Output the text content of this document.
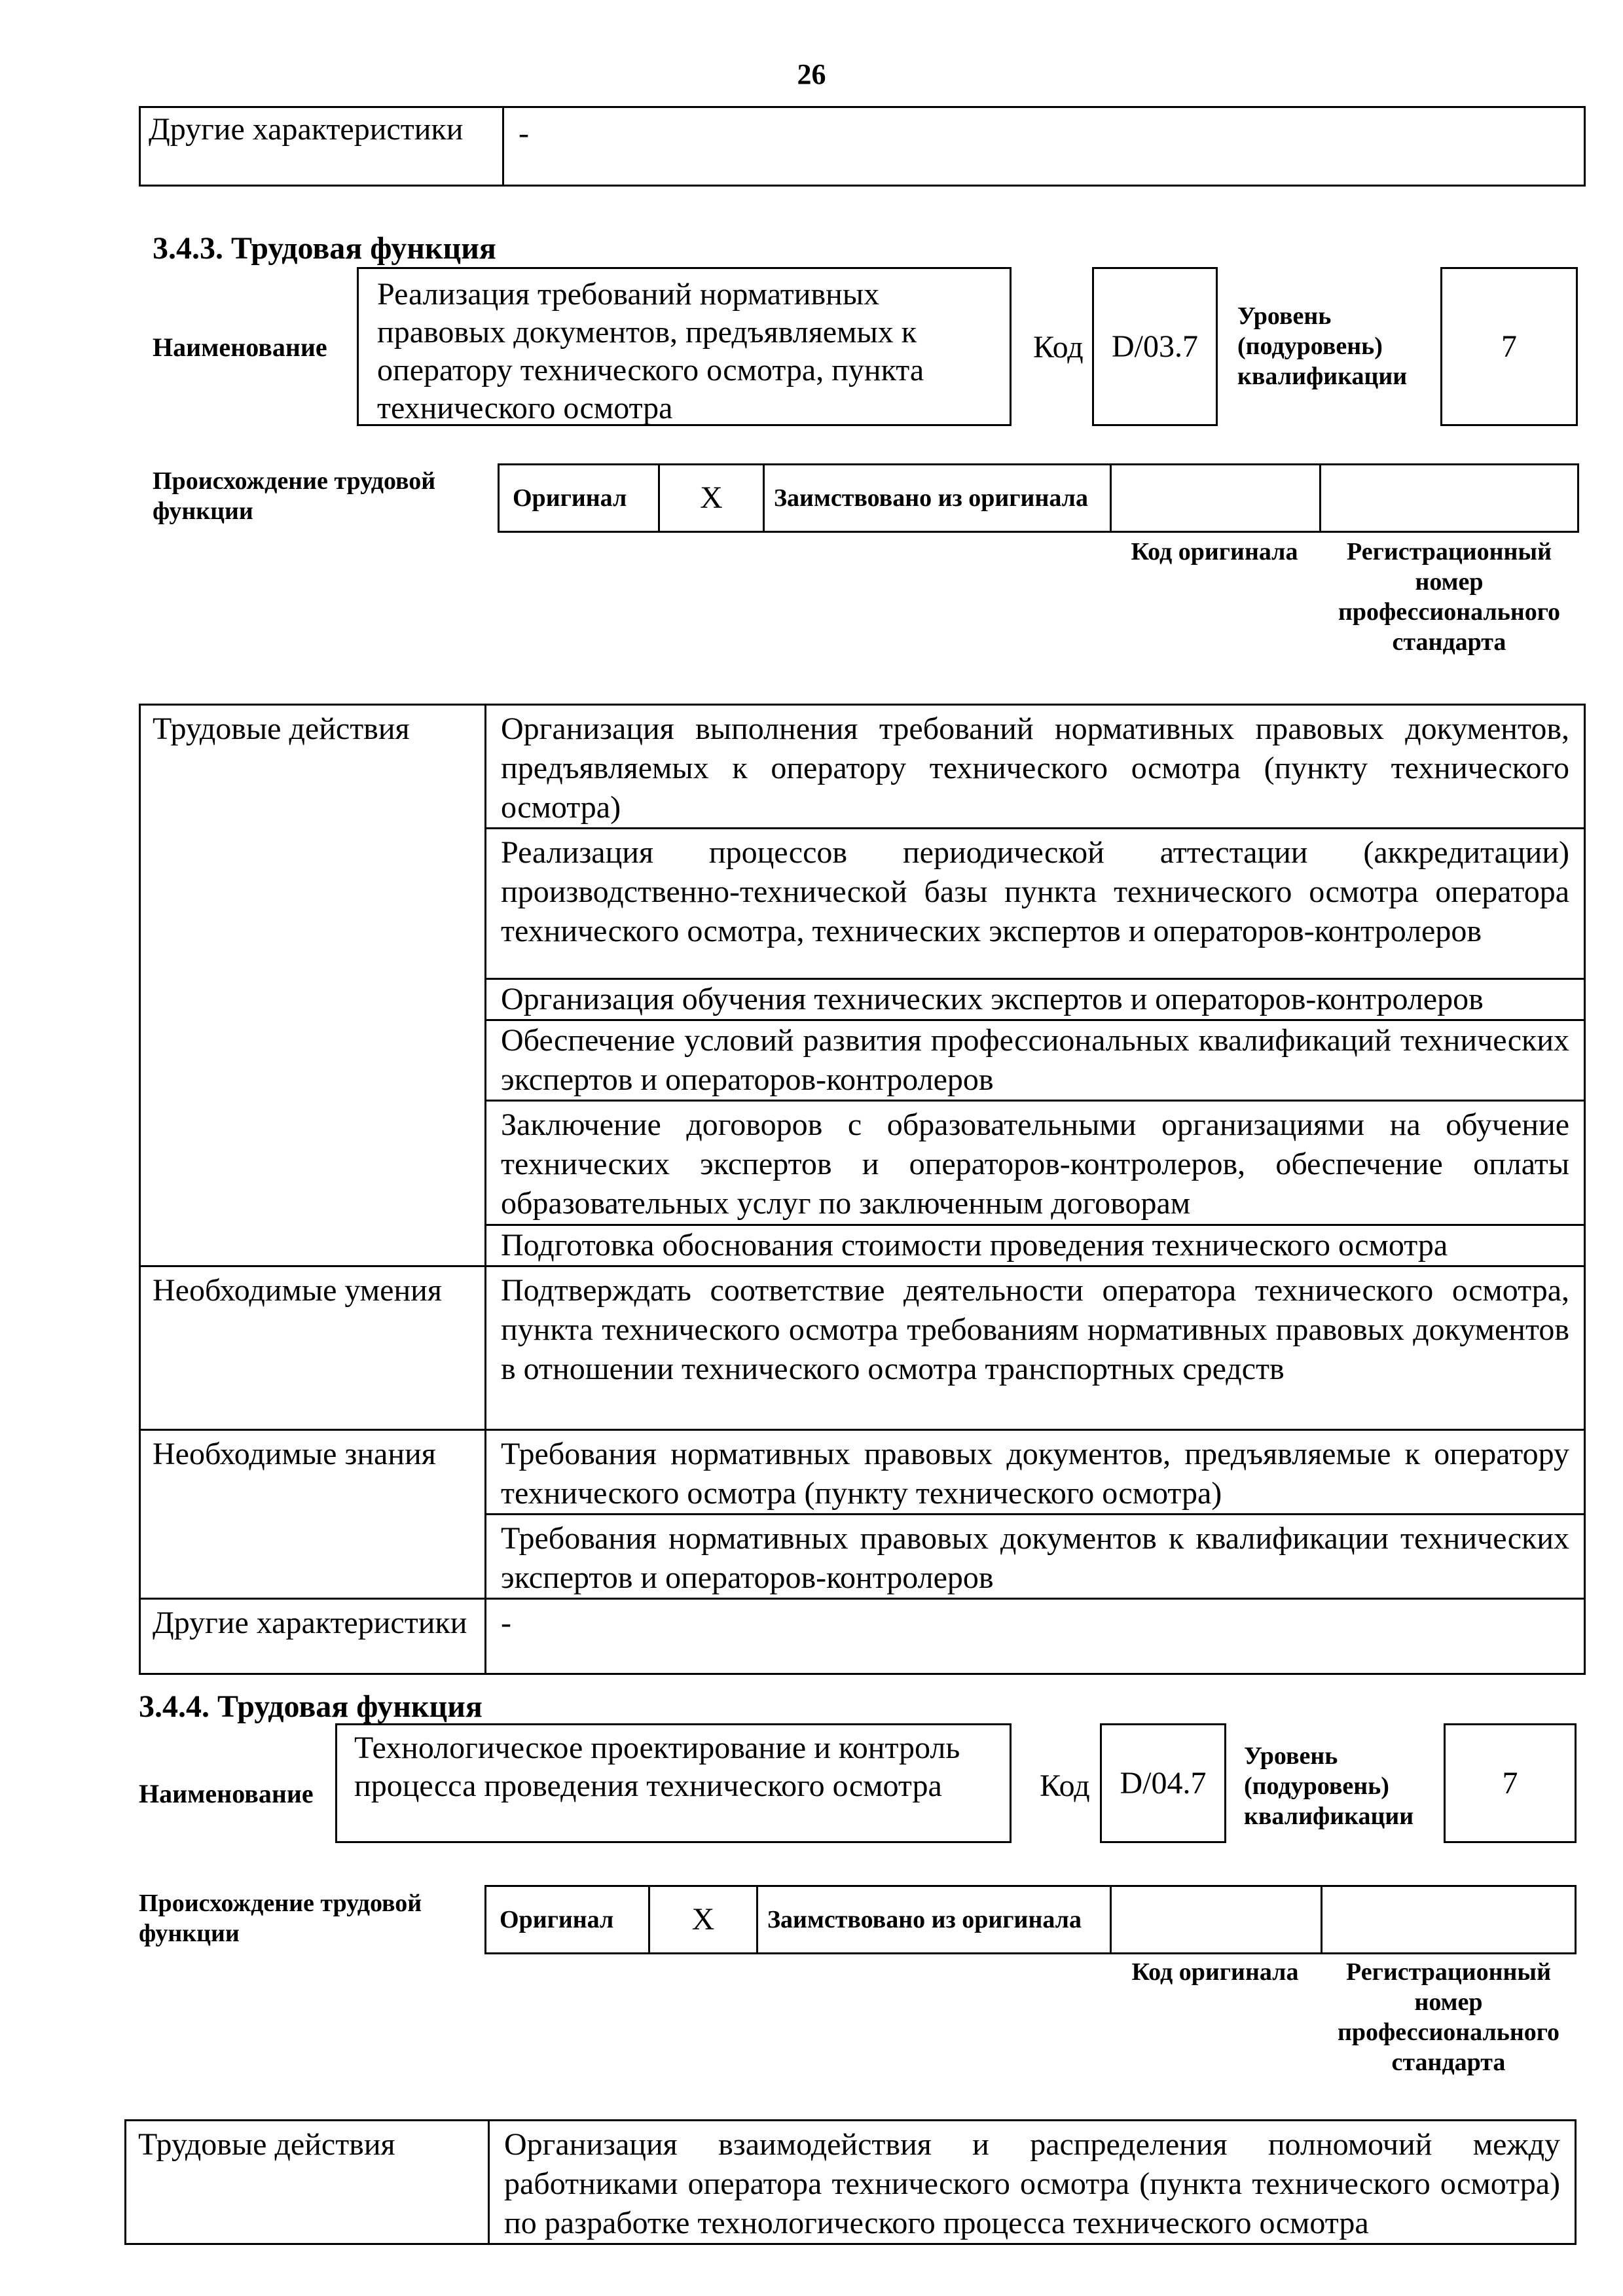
26
Другие характеристики	-
3.4.3. Трудовая функция
Наименование
Реализация требований нормативных правовых документов, предъявляемых к оператору технического осмотра, пункта технического осмотра
Код D/03.7
Уровень (подуровень) квалификации
7
Происхождение трудовой функции	Оригинал	X	Заимствовано из оригинала		
Код оригинала	Регистрационный номер профессионального стандарта
Трудовые действия	Организация выполнения требований нормативных правовых документов, предъявляемых к оператору технического осмотра (пункту технического осмотра)
	Реализация процессов периодической аттестации (аккредитации) производственно-технической базы пункта технического осмотра оператора технического осмотра, технических экспертов и операторов-контролеров
	Организация обучения технических экспертов и операторов-контролеров
	Обеспечение условий развития профессиональных квалификаций технических экспертов и операторов-контролеров
	Заключение договоров с образовательными организациями на обучение технических экспертов и операторов-контролеров, обеспечение оплаты образовательных услуг по заключенным договорам
	Подготовка обоснования стоимости проведения технического осмотра
Необходимые умения	Подтверждать соответствие деятельности оператора технического осмотра, пункта технического осмотра требованиям нормативных правовых документов в отношении технического осмотра транспортных средств
Необходимые знания	Требования нормативных правовых документов, предъявляемые к оператору технического осмотра (пункту технического осмотра)
	Требования нормативных правовых документов к квалификации технических экспертов и операторов-контролеров
Другие характеристики	-
3.4.4. Трудовая функция
Наименование
Технологическое проектирование и контроль процесса проведения технического осмотра	Код D/04.7
Уровень (подуровень) квалификации
7
Происхождение трудовой функции	Оригинал	X	Заимствовано из оригинала		
Код оригинала	Регистрационный номер профессионального стандарта
Трудовые действия	Организация взаимодействия и распределения полномочий между работниками оператора технического осмотра (пункта технического осмотра) по разработке технологического процесса технического осмотра
